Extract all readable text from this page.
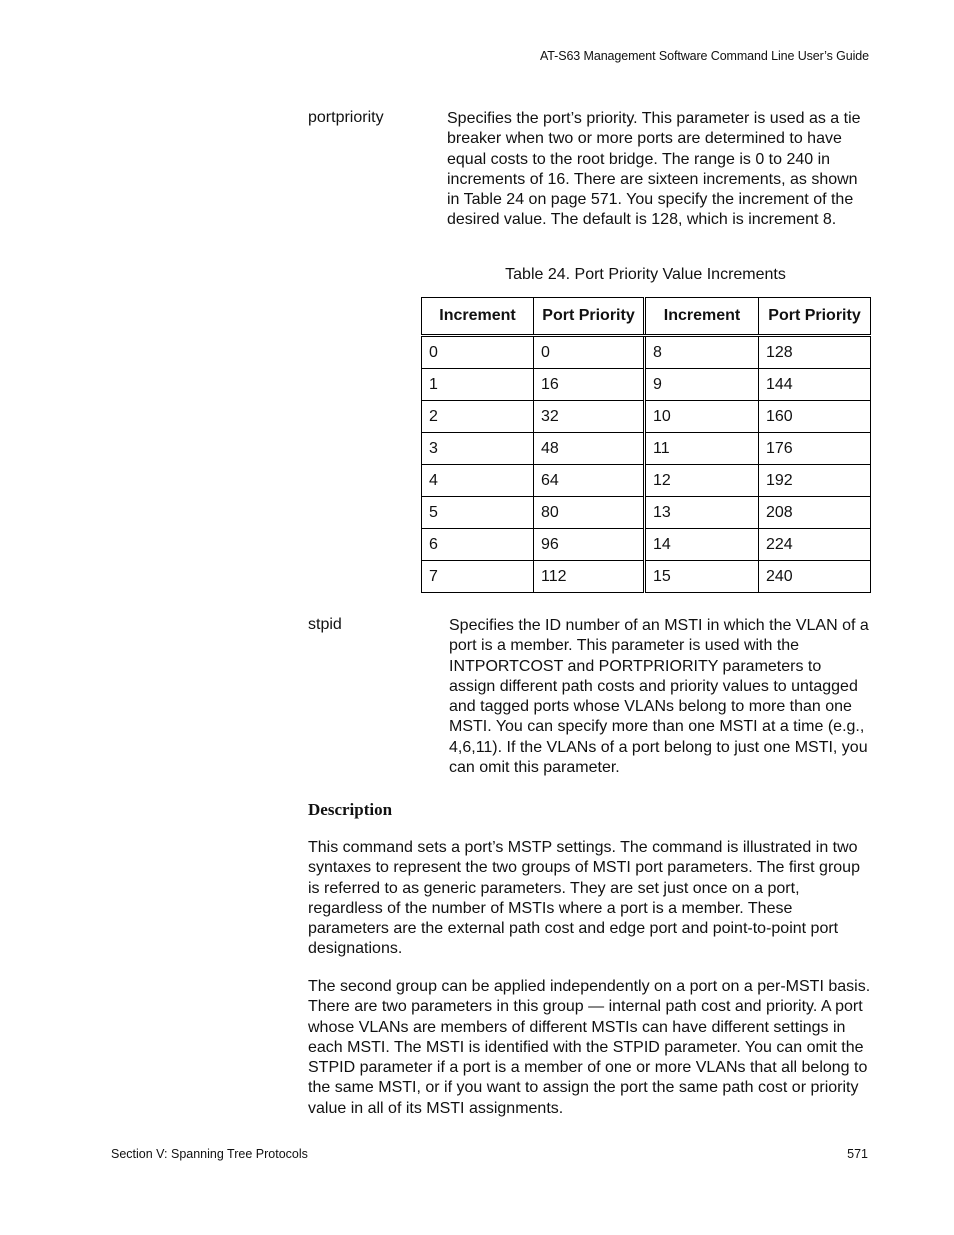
AT-S63 Management Software Command Line User’s Guide
portpriority	Specifies the port’s priority. This parameter is used as a tie breaker when two or more ports are determined to have equal costs to the root bridge. The range is 0 to 240 in increments of 16. There are sixteen increments, as shown in Table 24 on page 571. You specify the increment of the desired value. The default is 128, which is increment 8.
Table 24. Port Priority Value Increments
Increment	Port Priority	Increment	Port Priority
0	0	8	128
1	16	9	144
2	32	10	160
3	48	11	176
4	64	12	192
5	80	13	208
6	96	14	224
7	112	15	240
stpid	Specifies the ID number of an MSTI in which the VLAN of a port is a member. This parameter is used with the INTPORTCOST and PORTPRIORITY parameters to assign different path costs and priority values to untagged and tagged ports whose VLANs belong to more than one MSTI. You can specify more than one MSTI at a time (e.g., 4,6,11). If the VLANs of a port belong to just one MSTI, you can omit this parameter.
Description
This command sets a port’s MSTP settings. The command is illustrated in two syntaxes to represent the two groups of MSTI port parameters. The first group is referred to as generic parameters. They are set just once on a port, regardless of the number of MSTIs where a port is a member. These parameters are the external path cost and edge port and point-to-point port designations.
The second group can be applied independently on a port on a per-MSTI basis. There are two parameters in this group — internal path cost and priority. A port whose VLANs are members of different MSTIs can have different settings in each MSTI. The MSTI is identified with the STPID parameter. You can omit the STPID parameter if a port is a member of one or more VLANs that all belong to the same MSTI, or if you want to assign the port the same path cost or priority value in all of its MSTI assignments.
Section V: Spanning Tree Protocols	571
